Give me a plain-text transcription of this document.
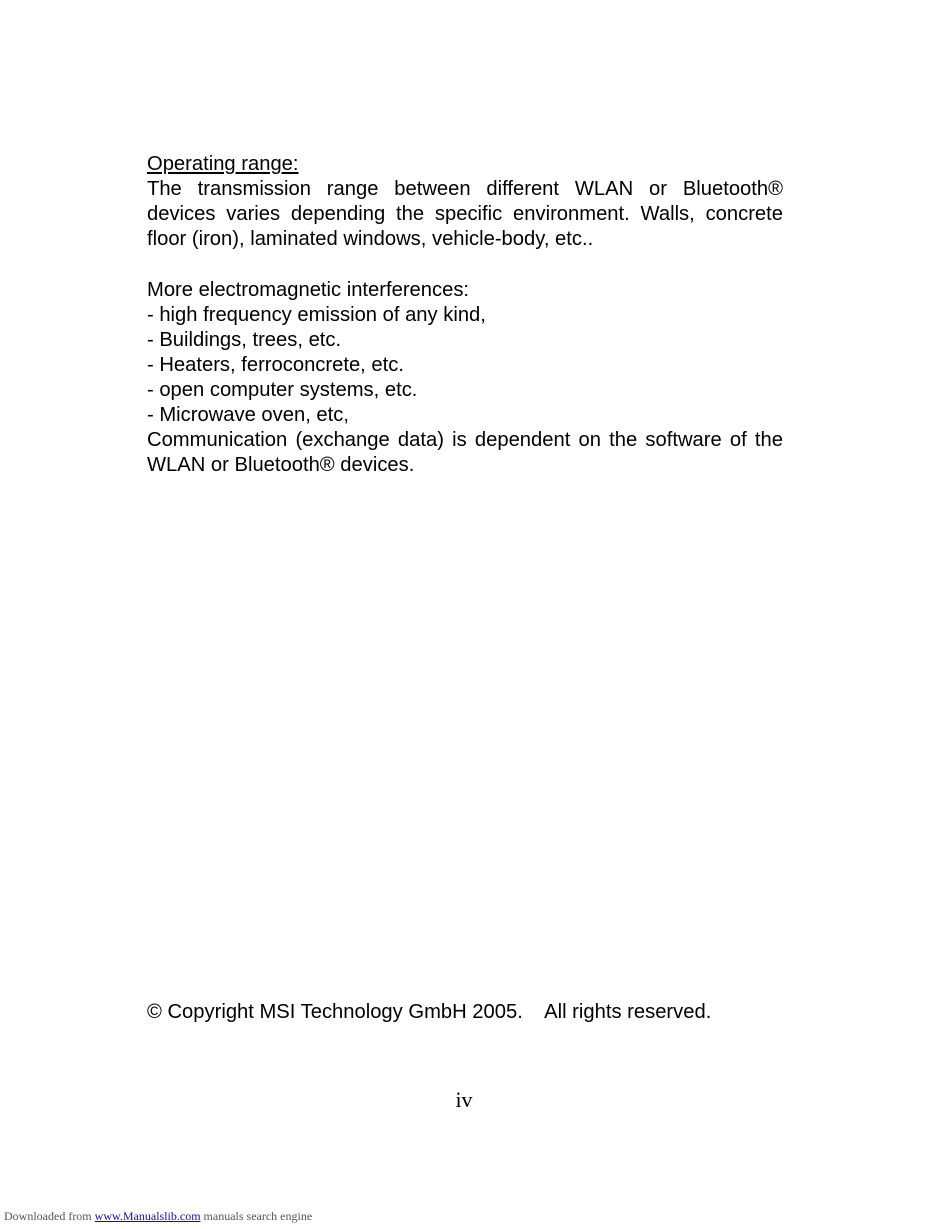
Operating range:

The transmission range between different WLAN or Bluetooth® devices varies depending the specific environment. Walls, concrete floor (iron), laminated windows, vehicle-body, etc..

More electromagnetic interferences:
- high frequency emission of any kind,
- Buildings, trees, etc.
- Heaters, ferroconcrete, etc.
- open computer systems, etc.
- Microwave oven, etc,

Communication (exchange data) is dependent on the software of the WLAN or Bluetooth® devices.

© Copyright MSI Technology GmbH 2005.    All rights reserved.
iv
Downloaded from www.Manualslib.com manuals search engine
